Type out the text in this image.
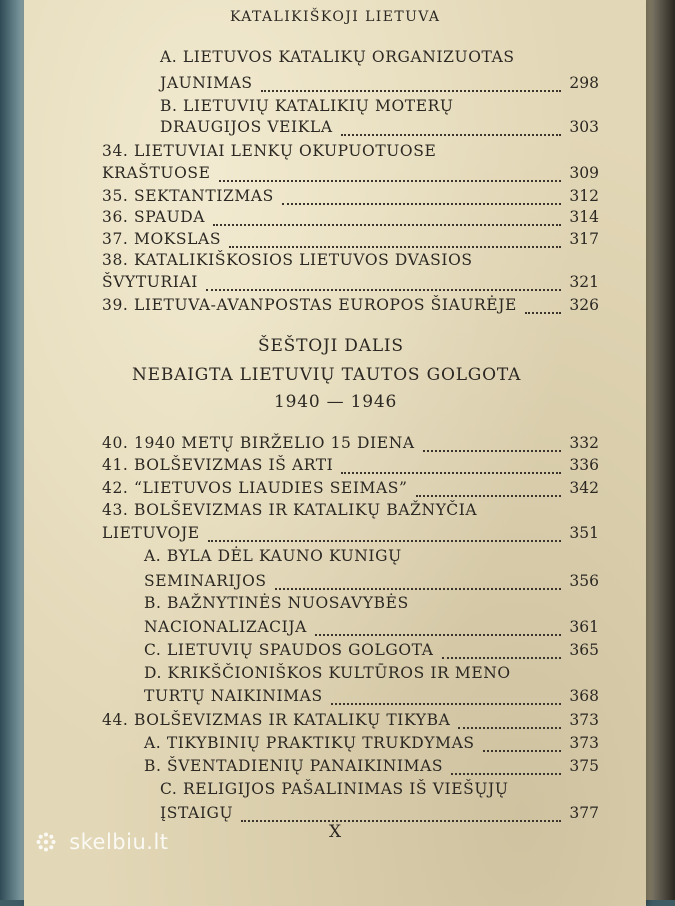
KATALIKIŠKOJI LIETUVA
A. LIETUVOS KATALIKŲ ORGANIZUOTAS
JAUNIMAS	298
B. LIETUVIŲ KATALIKIŲ MOTERŲ
DRAUGIJOS VEIKLA	303
34. LIETUVIAI LENKŲ OKUPUOTUOSE
KRAŠTUOSE	309
35. SEKTANTIZMAS	312
36. SPAUDA	314
37. MOKSLAS	317
38. KATALIKIŠKOSIOS LIETUVOS DVASIOS
ŠVYTURIAI	321
39. LIETUVA-AVANPOSTAS EUROPOS ŠIAURĖJE	326
ŠEŠTOJI DALIS
NEBAIGTA LIETUVIŲ TAUTOS GOLGOTA
1940 — 1946
40. 1940 METŲ BIRŽELIO 15 DIENA	332
41. BOLŠEVIZMAS IŠ ARTI	336
42. “LIETUVOS LIAUDIES SEIMAS”	342
43. BOLŠEVIZMAS IR KATALIKŲ BAŽNYČIA
LIETUVOJE	351
A. BYLA DĖL KAUNO KUNIGŲ
SEMINARIJOS	356
B. BAŽNYTINĖS NUOSAVYBĖS
NACIONALIZACIJA	361
C. LIETUVIŲ SPAUDOS GOLGOTA	365
D. KRIKŠČIONIŠKOS KULTŪROS IR MENO
TURTŲ NAIKINIMAS	368
44. BOLŠEVIZMAS IR KATALIKŲ TIKYBA	373
A. TIKYBINIŲ PRAKTIKŲ TRUKDYMAS	373
B. ŠVENTADIENIŲ PANAIKINIMAS	375
C. RELIGIJOS PAŠALINIMAS IŠ VIEŠŲJŲ
ĮSTAIGŲ	377
X
skelbiu.lt
